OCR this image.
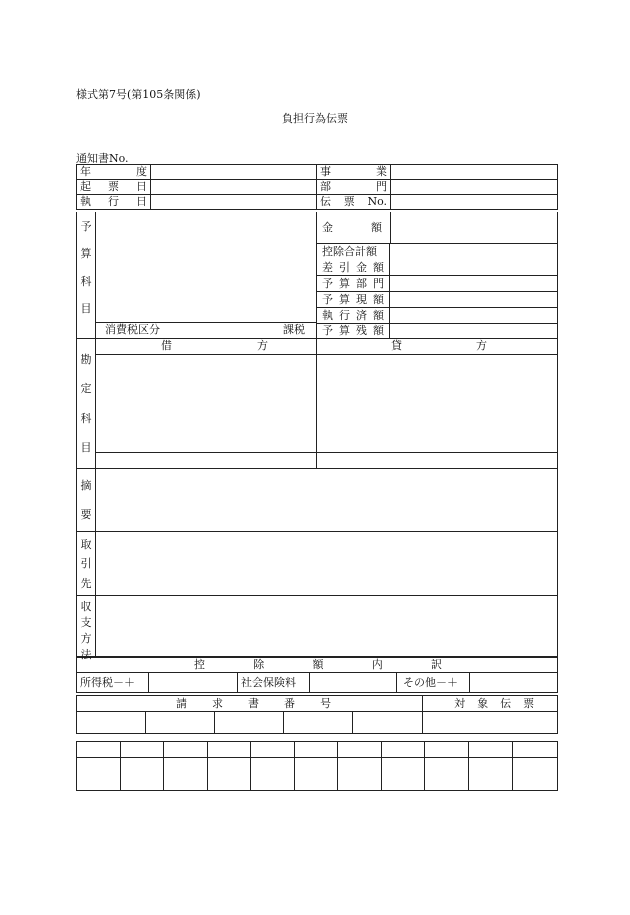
様式第7号(第105条関係)
負担行為伝票
通知書No.
年 度		事 業	

起 票 日		部 門	

執 行 日		伝 票 No.	

予
算
科
目
消費税区分	課税
金	額
控除合計額
差 引 金 額
予 算 部 門
予 算 現 額
執 行 済 額
予 算 残 額
勘
定
科
目
借	方	貸	方
摘
要
取
引
先
収
支
方
法
控	除	額	内	訳

所得税－＋		社会保険料		その他－＋	
請 求 書 番 号					対 象 伝 票
